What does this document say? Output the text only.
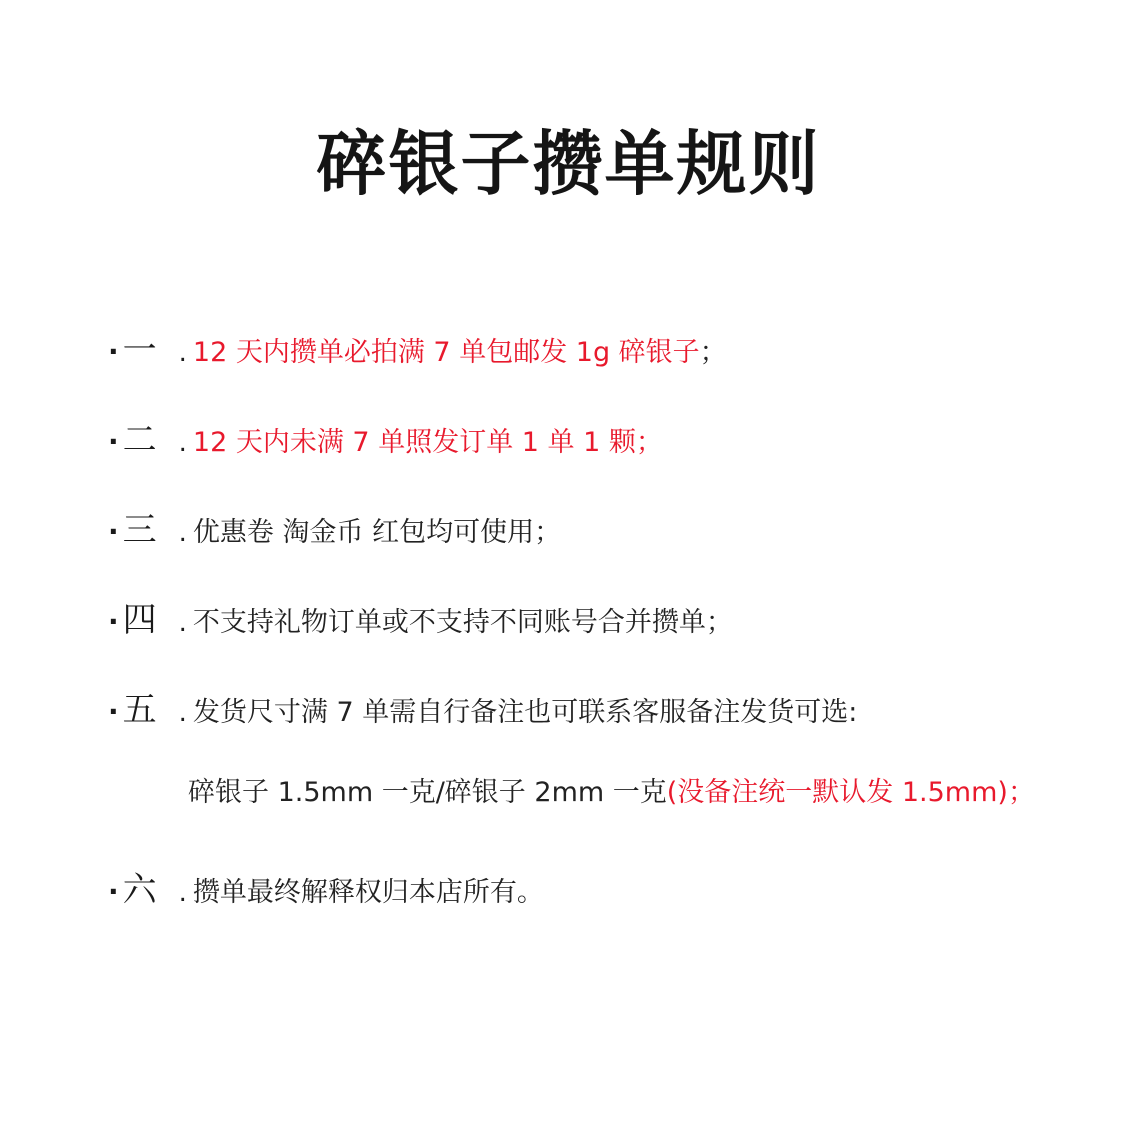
碎银子攒单规则
· 一 . 12 天内攒单必拍满 7 单包邮发 1g 碎银子 ；
· 二 . 12 天内未满 7 单照发订单 1 单 1 颗 ；
· 三 . 优惠卷 淘金币 红包均可使用；
· 四 . 不支持礼物订单或不支持不同账号合并攒单；
· 五 . 发货尺寸满 7 单需自行备注也可联系客服备注发货可选:
碎银子 1.5mm 一克/碎银子 2mm 一克(没备注统一默认发 1.5mm)；
· 六 . 攒单最终解释权归本店所有。
